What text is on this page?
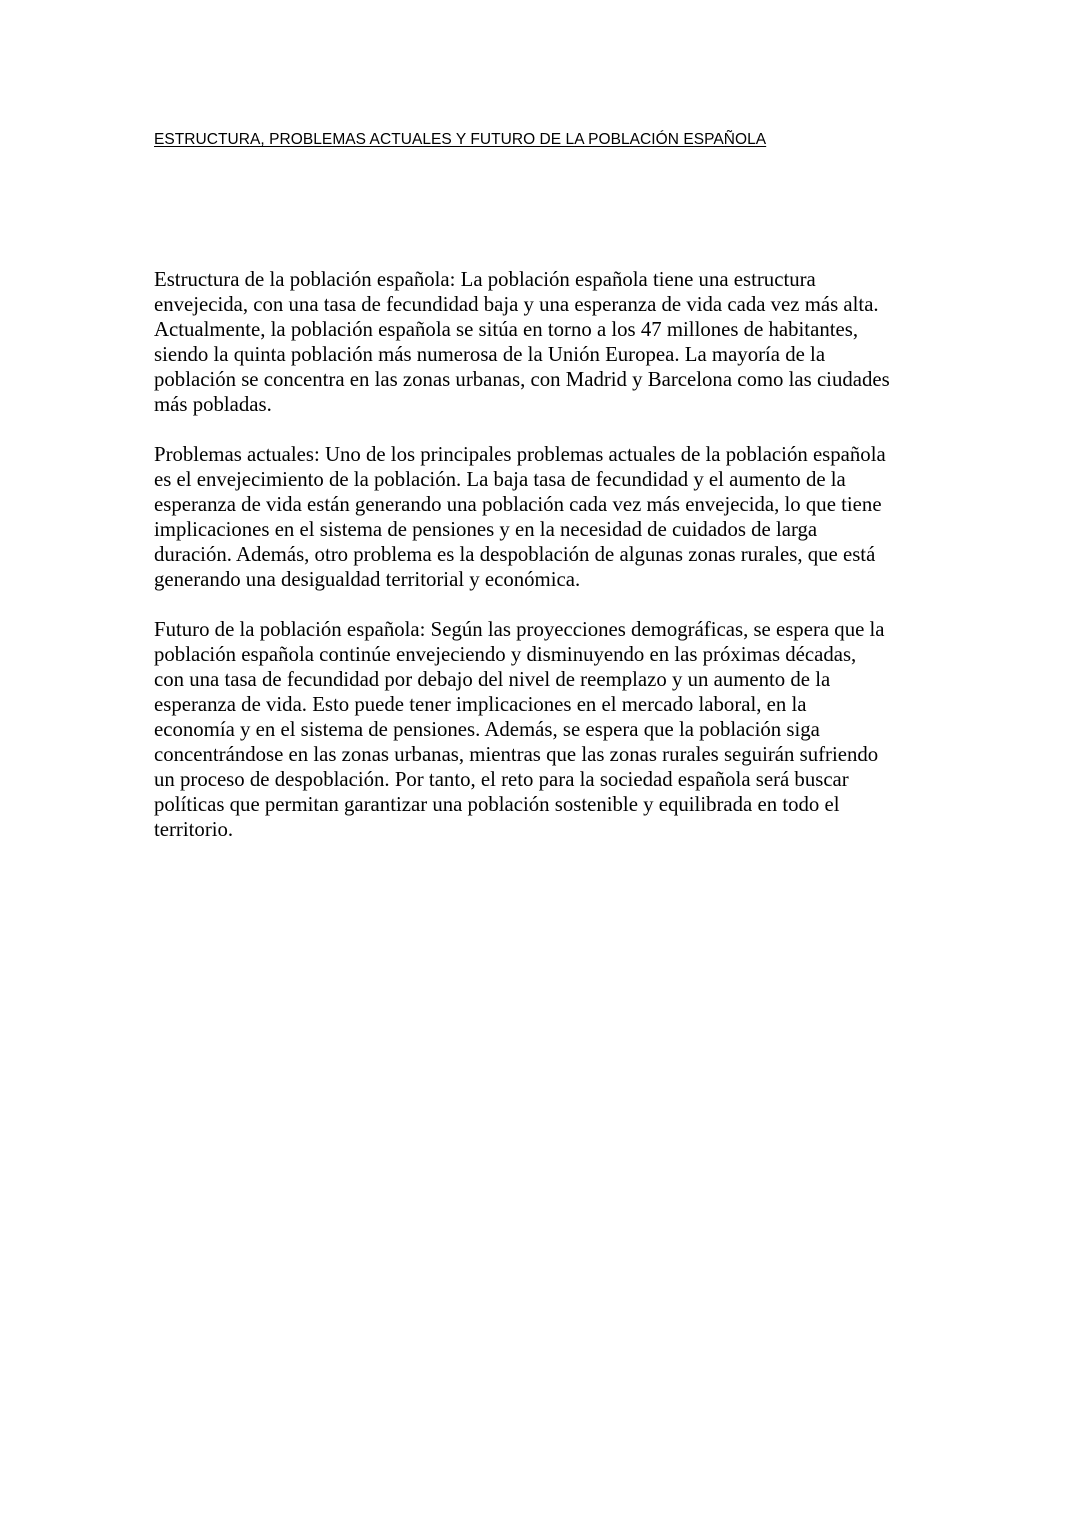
ESTRUCTURA, PROBLEMAS ACTUALES Y FUTURO DE LA POBLACIÓN ESPAÑOLA

Estructura de la población española: La población española tiene una estructura
envejecida, con una tasa de fecundidad baja y una esperanza de vida cada vez más alta.
Actualmente, la población española se sitúa en torno a los 47 millones de habitantes,
siendo la quinta población más numerosa de la Unión Europea. La mayoría de la
población se concentra en las zonas urbanas, con Madrid y Barcelona como las ciudades
más pobladas.

Problemas actuales: Uno de los principales problemas actuales de la población española
es el envejecimiento de la población. La baja tasa de fecundidad y el aumento de la
esperanza de vida están generando una población cada vez más envejecida, lo que tiene
implicaciones en el sistema de pensiones y en la necesidad de cuidados de larga
duración. Además, otro problema es la despoblación de algunas zonas rurales, que está
generando una desigualdad territorial y económica.

Futuro de la población española: Según las proyecciones demográficas, se espera que la
población española continúe envejeciendo y disminuyendo en las próximas décadas,
con una tasa de fecundidad por debajo del nivel de reemplazo y un aumento de la
esperanza de vida. Esto puede tener implicaciones en el mercado laboral, en la
economía y en el sistema de pensiones. Además, se espera que la población siga
concentrándose en las zonas urbanas, mientras que las zonas rurales seguirán sufriendo
un proceso de despoblación. Por tanto, el reto para la sociedad española será buscar
políticas que permitan garantizar una población sostenible y equilibrada en todo el
territorio.
